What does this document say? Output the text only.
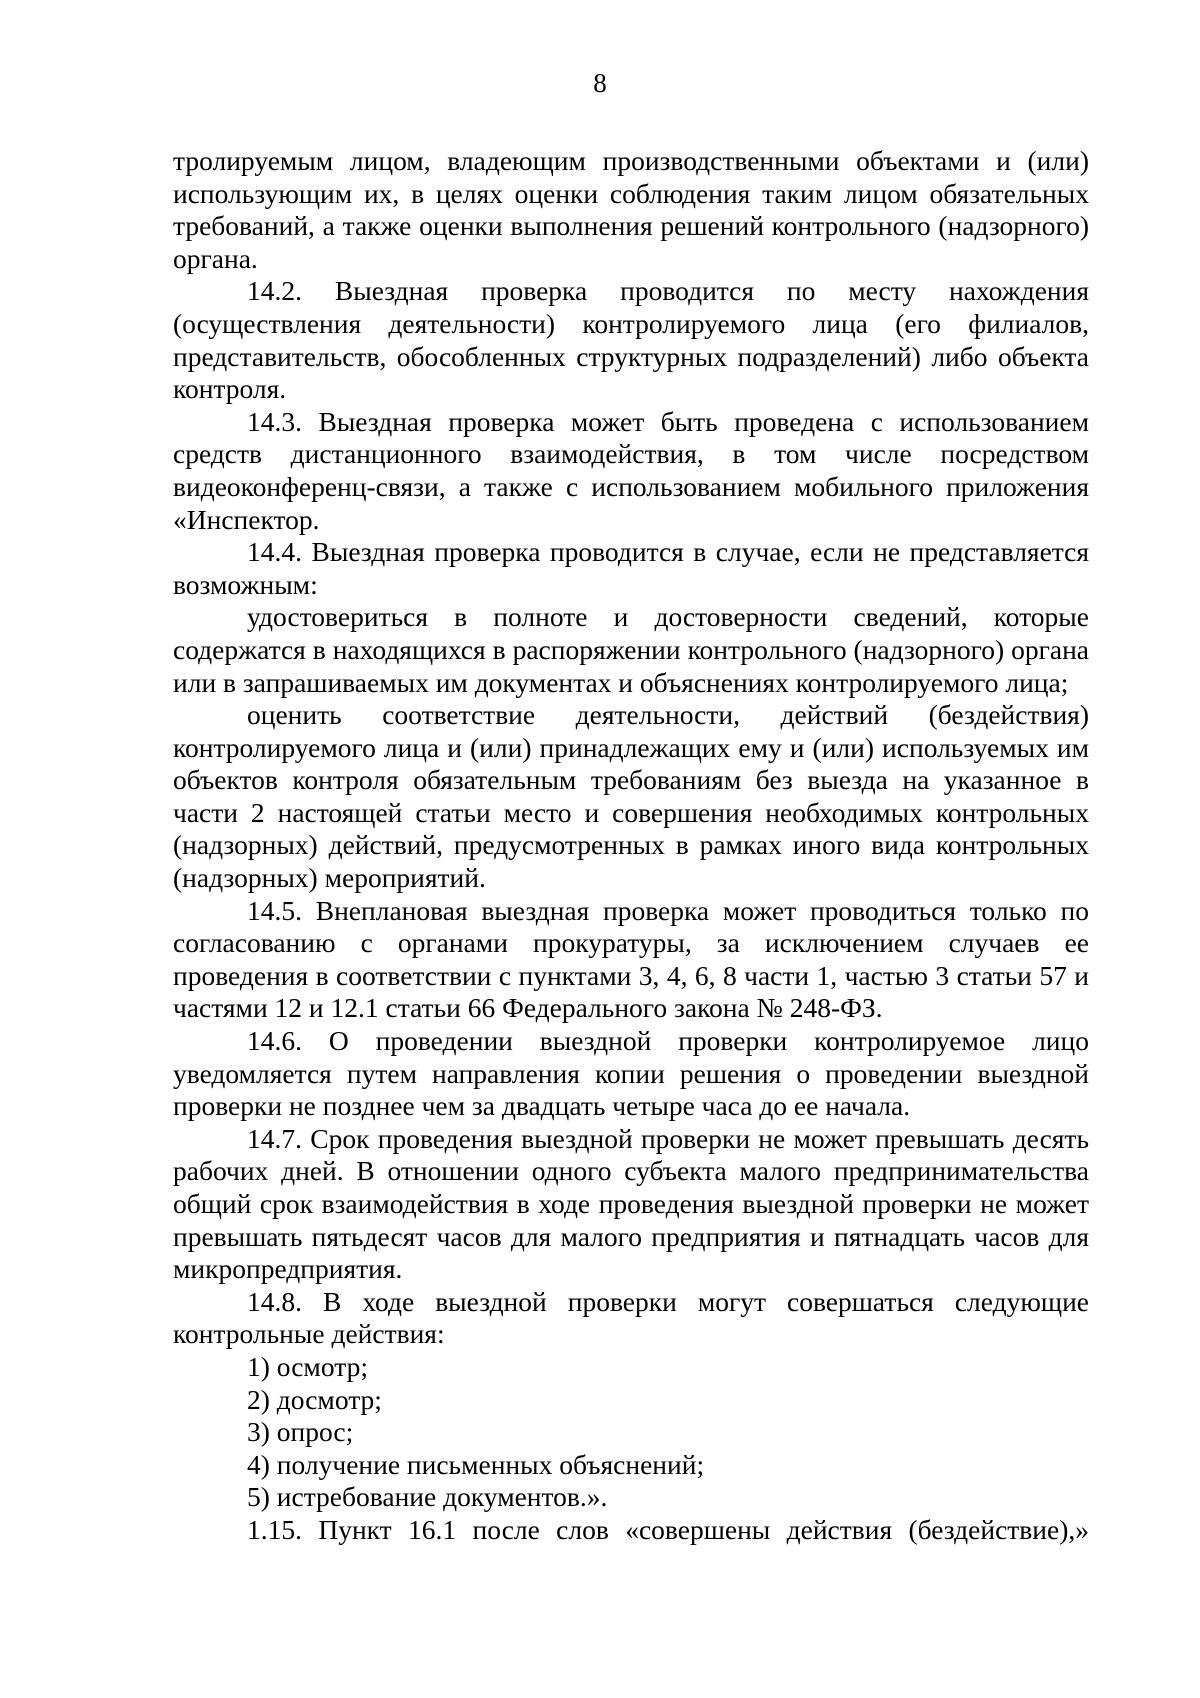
8

тролируемым лицом, владеющим производственными объектами и (или) использующим их, в целях оценки соблюдения таким лицом обязательных требований, а также оценки выполнения решений контрольного (надзорного) органа.

14.2. Выездная проверка проводится по месту нахождения (осуществления деятельности) контролируемого лица (его филиалов, представительств, обособленных структурных подразделений) либо объекта контроля.

14.3. Выездная проверка может быть проведена с использованием средств дистанционного взаимодействия, в том числе посредством видеоконференц-связи, а также с использованием мобильного приложения «Инспектор.

14.4. Выездная проверка проводится в случае, если не представляется возможным:

удостовериться в полноте и достоверности сведений, которые содержатся в находящихся в распоряжении контрольного (надзорного) органа или в запрашиваемых им документах и объяснениях контролируемого лица;

оценить соответствие деятельности, действий (бездействия) контролируемого лица и (или) принадлежащих ему и (или) используемых им объектов контроля обязательным требованиям без выезда на указанное в части 2 настоящей статьи место и совершения необходимых контрольных (надзорных) действий, предусмотренных в рамках иного вида контрольных (надзорных) мероприятий.

14.5. Внеплановая выездная проверка может проводиться только по согласованию с органами прокуратуры, за исключением случаев ее проведения в соответствии с пунктами 3, 4, 6, 8 части 1, частью 3 статьи 57 и частями 12 и 12.1 статьи 66 Федерального закона № 248-ФЗ.

14.6. О проведении выездной проверки контролируемое лицо уведомляется путем направления копии решения о проведении выездной проверки не позднее чем за двадцать четыре часа до ее начала.

14.7. Срок проведения выездной проверки не может превышать десять рабочих дней. В отношении одного субъекта малого предпринимательства общий срок взаимодействия в ходе проведения выездной проверки не может превышать пятьдесят часов для малого предприятия и пятнадцать часов для микропредприятия.

14.8. В ходе выездной проверки могут совершаться следующие контрольные действия:

1) осмотр;

2) досмотр;

3) опрос;

4) получение письменных объяснений;

5) истребование документов.».

1.15. Пункт 16.1 после слов «совершены действия (бездействие),»
